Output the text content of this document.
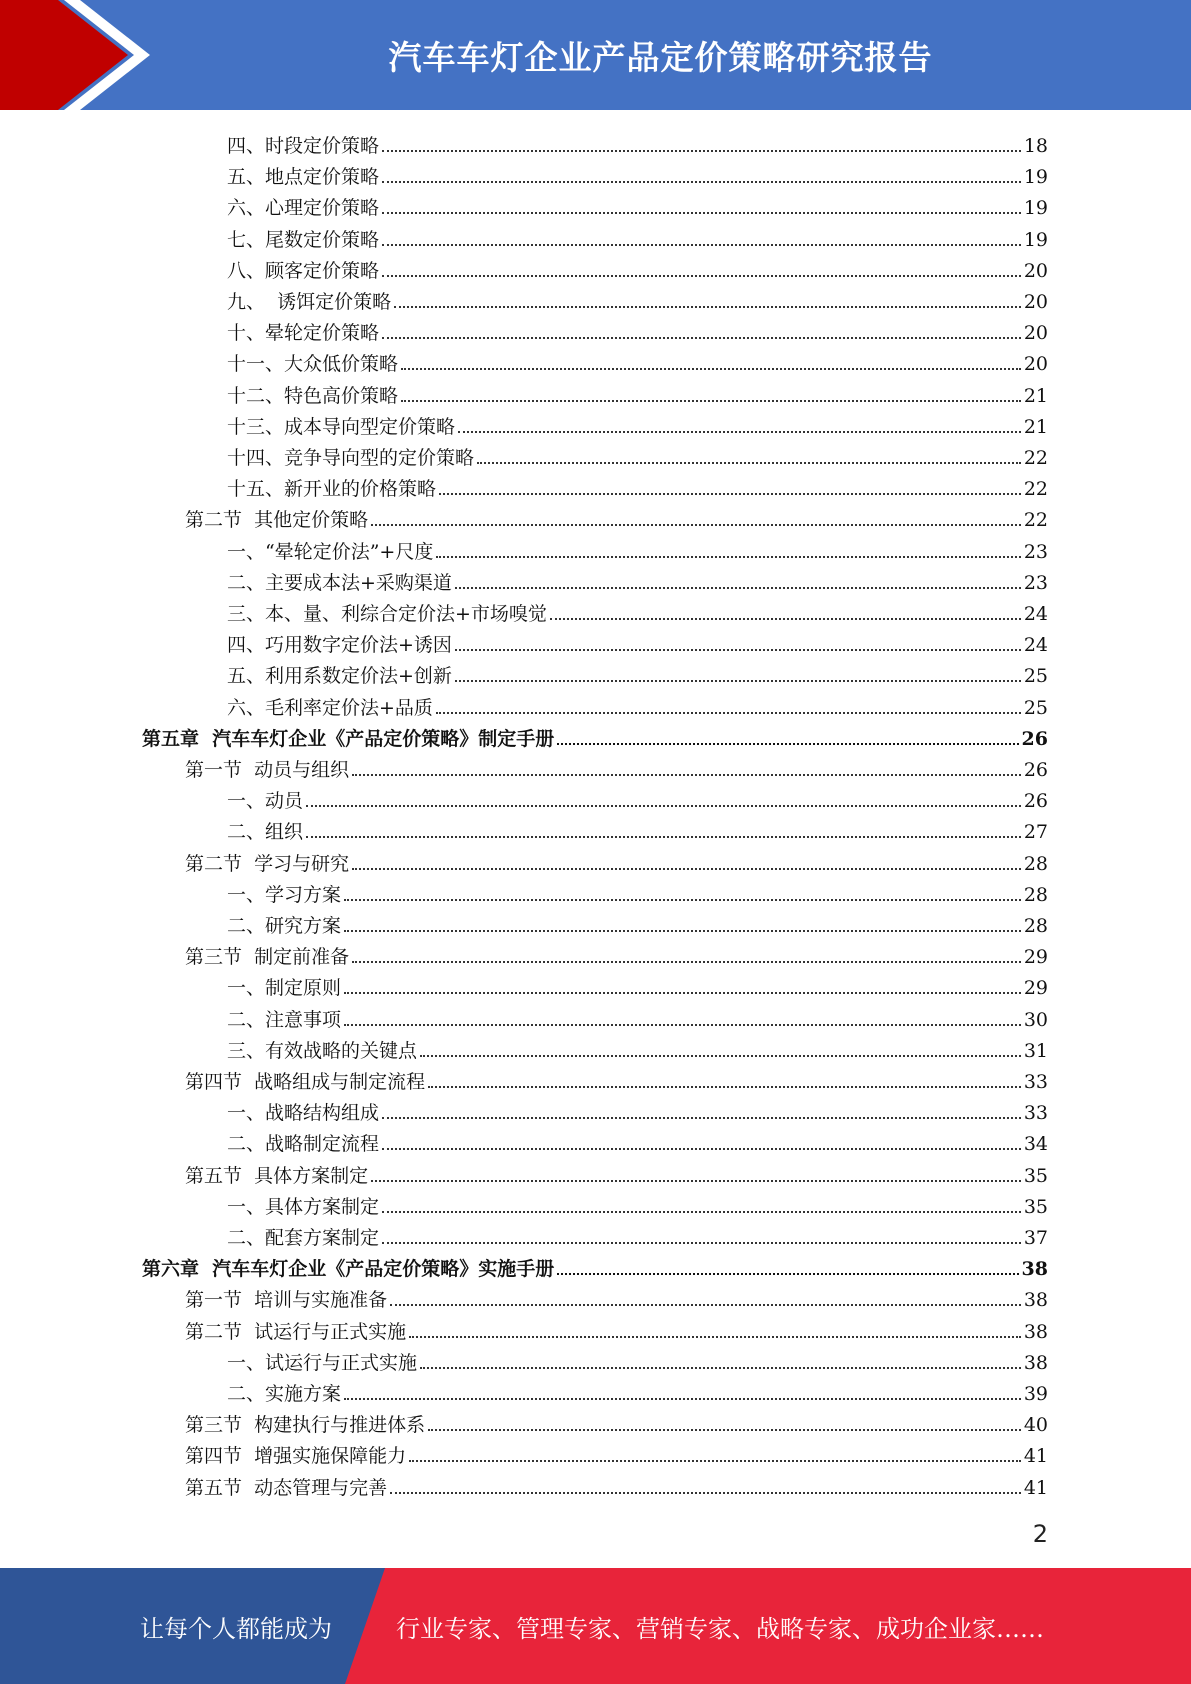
汽车车灯企业产品定价策略研究报告
四、时段定价策略	18
五、地点定价策略	19
六、心理定价策略	19
七、尾数定价策略	19
八、顾客定价策略	20
九、  诱饵定价策略	20
十、晕轮定价策略	20
十一、大众低价策略	20
十二、特色高价策略	21
十三、成本导向型定价策略	21
十四、竞争导向型的定价策略	22
十五、新开业的价格策略	22
第二节  其他定价策略	22
一、“晕轮定价法”+尺度	23
二、主要成本法+采购渠道	23
三、本、量、利综合定价法+市场嗅觉	24
四、巧用数字定价法+诱因	24
五、利用系数定价法+创新	25
六、毛利率定价法+品质	25
第五章  汽车车灯企业《产品定价策略》制定手册	26
第一节  动员与组织	26
一、动员	26
二、组织	27
第二节  学习与研究	28
一、学习方案	28
二、研究方案	28
第三节  制定前准备	29
一、制定原则	29
二、注意事项	30
三、有效战略的关键点	31
第四节  战略组成与制定流程	33
一、战略结构组成	33
二、战略制定流程	34
第五节  具体方案制定	35
一、具体方案制定	35
二、配套方案制定	37
第六章  汽车车灯企业《产品定价策略》实施手册	38
第一节  培训与实施准备	38
第二节  试运行与正式实施	38
一、试运行与正式实施	38
二、实施方案	39
第三节  构建执行与推进体系	40
第四节  增强实施保障能力	41
第五节  动态管理与完善	41
2
让每个人都能成为	行业专家、管理专家、营销专家、战略专家、成功企业家……
